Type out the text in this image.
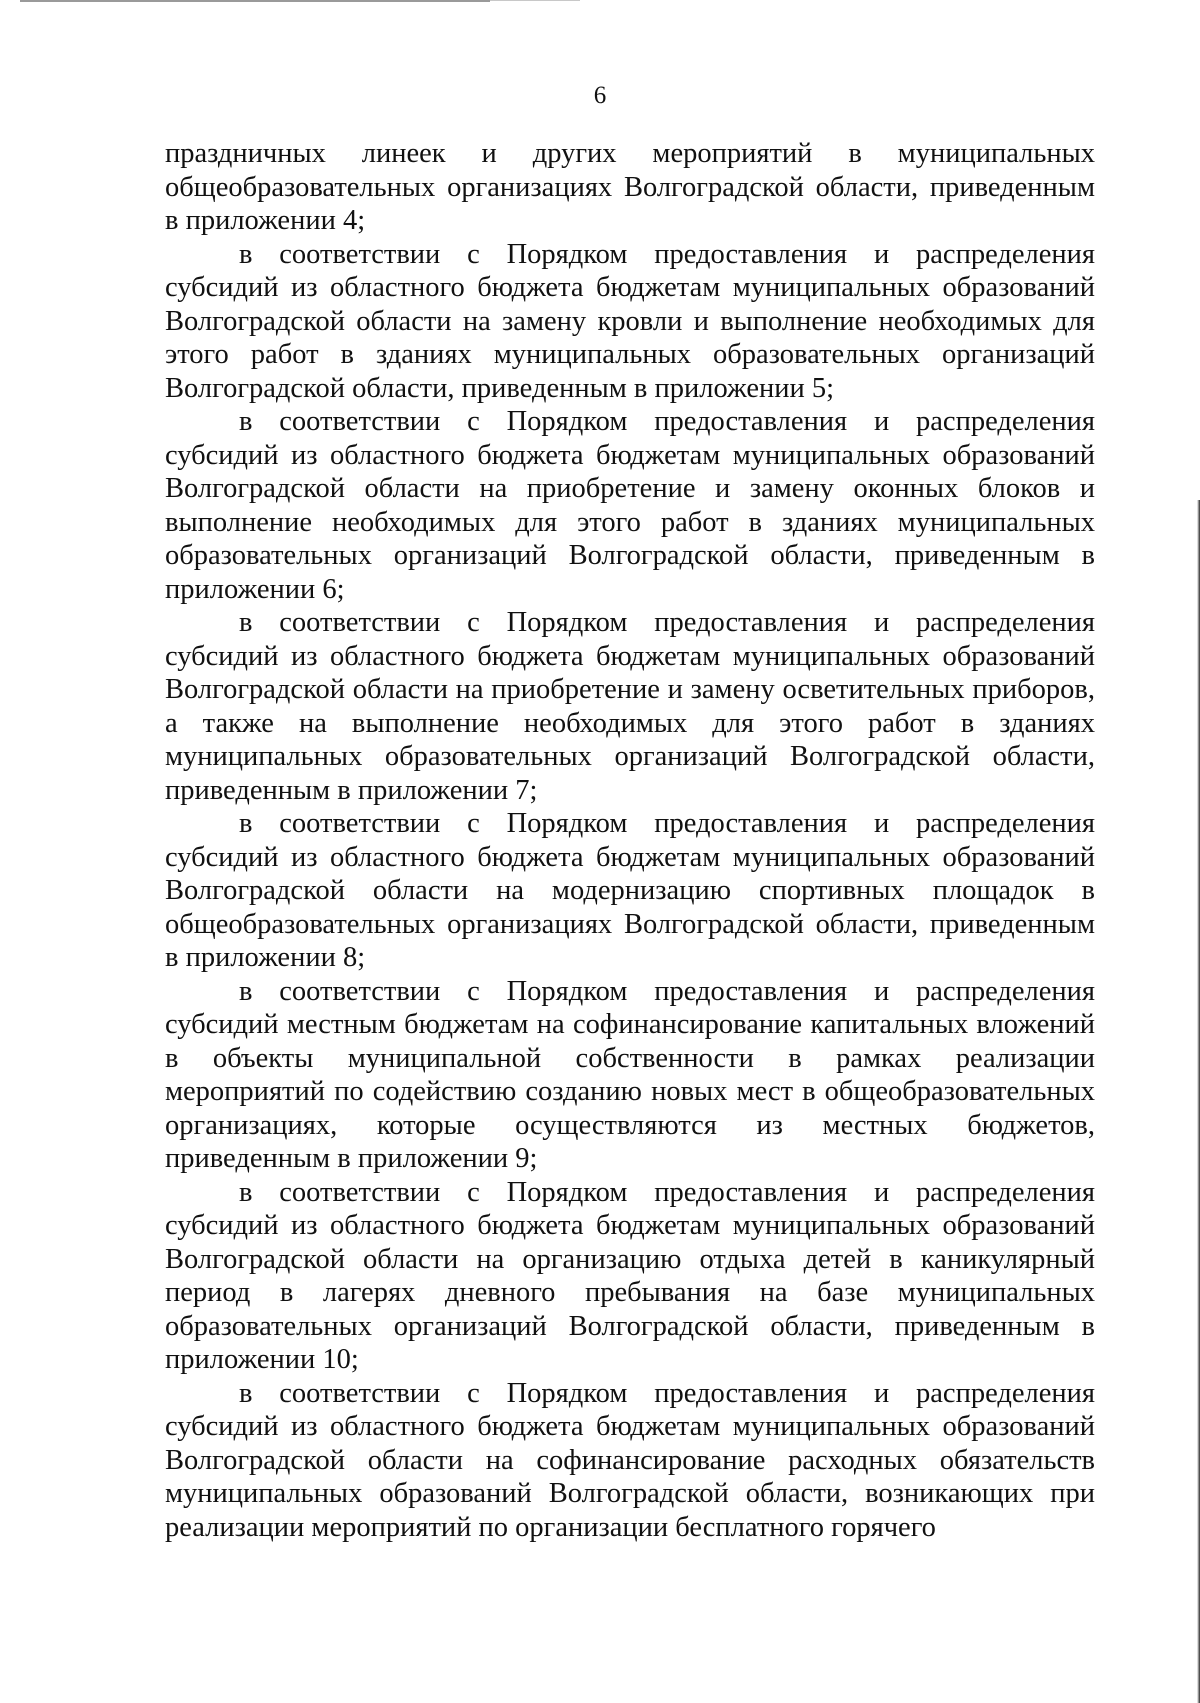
6

праздничных линеек и других мероприятий в муниципальных общеобразовательных организациях Волгоградской области, приведенным в приложении 4;

в соответствии с Порядком предоставления и распределения субсидий из областного бюджета бюджетам муниципальных образований Волгоградской области на замену кровли и выполнение необходимых для этого работ в зданиях муниципальных образовательных организаций Волгоградской области, приведенным в приложении 5;

в соответствии с Порядком предоставления и распределения субсидий из областного бюджета бюджетам муниципальных образований Волгоградской области на приобретение и замену оконных блоков и выполнение необходимых для этого работ в зданиях муниципальных образовательных организаций Волгоградской области, приведенным в приложении 6;

в соответствии с Порядком предоставления и распределения субсидий из областного бюджета бюджетам муниципальных образований Волгоградской области на приобретение и замену осветительных приборов, а также на выполнение необходимых для этого работ в зданиях муниципальных образовательных организаций Волгоградской области, приведенным в приложении 7;

в соответствии с Порядком предоставления и распределения субсидий из областного бюджета бюджетам муниципальных образований Волгоградской области на модернизацию спортивных площадок в общеобразовательных организациях Волгоградской области, приведенным в приложении 8;

в соответствии с Порядком предоставления и распределения субсидий местным бюджетам на софинансирование капитальных вложений в объекты муниципальной собственности в рамках реализации мероприятий по содействию созданию новых мест в общеобразовательных организациях, которые осуществляются из местных бюджетов, приведенным в приложении 9;

в соответствии с Порядком предоставления и распределения субсидий из областного бюджета бюджетам муниципальных образований Волгоградской области на организацию отдыха детей в каникулярный период в лагерях дневного пребывания на базе муниципальных образовательных организаций Волгоградской области, приведенным в приложении 10;

в соответствии с Порядком предоставления и распределения субсидий из областного бюджета бюджетам муниципальных образований Волгоградской области на софинансирование расходных обязательств муниципальных образований Волгоградской области, возникающих при реализации мероприятий по организации бесплатного горячего
